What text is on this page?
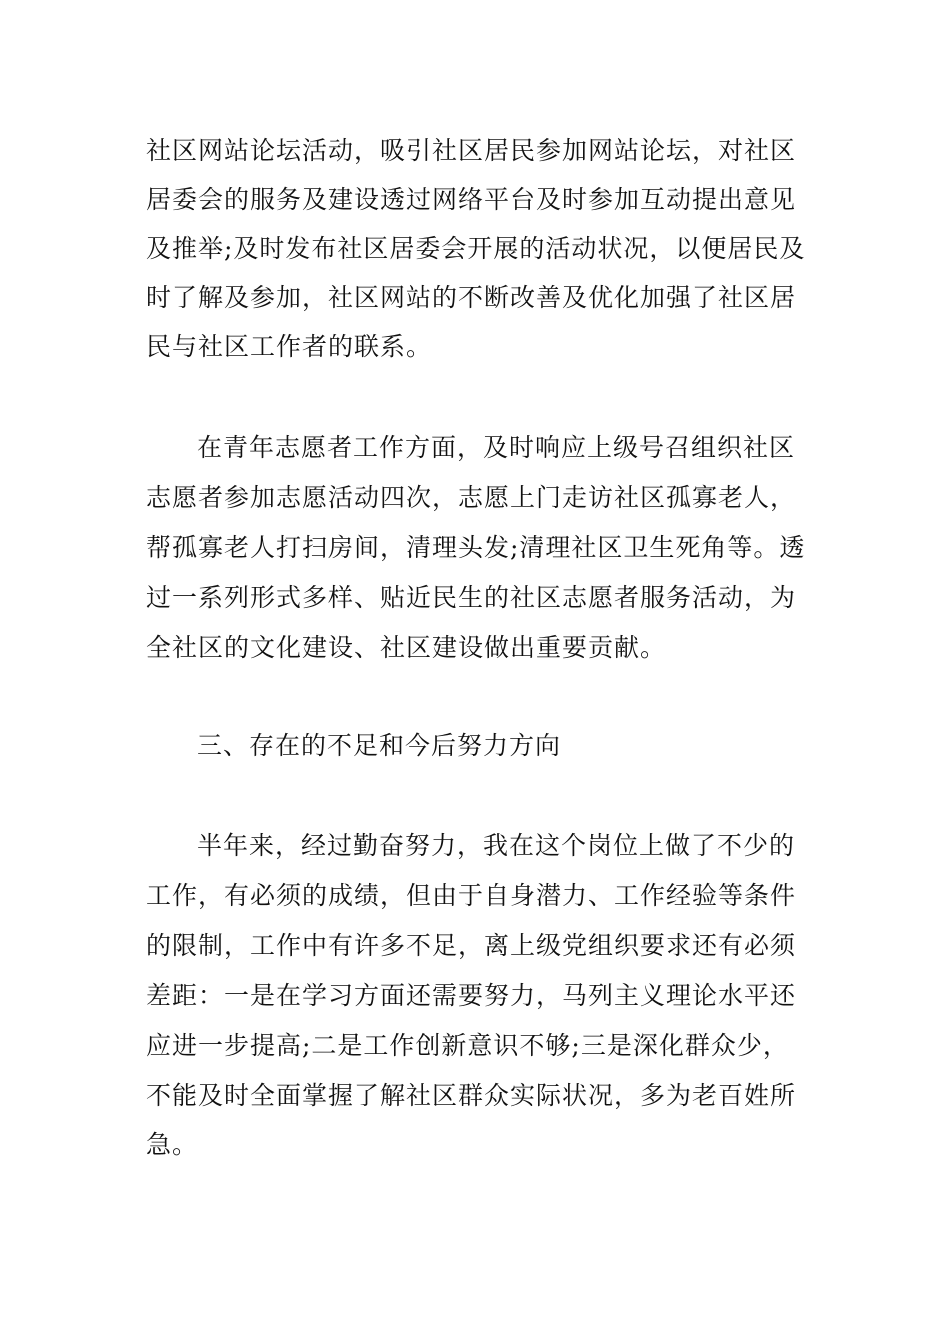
社区网站论坛活动，吸引社区居民参加网站论坛，对社区
居委会的服务及建设透过网络平台及时参加互动提出意见
及推举;及时发布社区居委会开展的活动状况，以便居民及
时了解及参加，社区网站的不断改善及优化加强了社区居
民与社区工作者的联系。
在青年志愿者工作方面，及时响应上级号召组织社区
志愿者参加志愿活动四次，志愿上门走访社区孤寡老人，
帮孤寡老人打扫房间，清理头发;清理社区卫生死角等。透
过一系列形式多样、贴近民生的社区志愿者服务活动，为
全社区的文化建设、社区建设做出重要贡献。
三、存在的不足和今后努力方向
半年来，经过勤奋努力，我在这个岗位上做了不少的
工作，有必须的成绩，但由于自身潜力、工作经验等条件
的限制，工作中有许多不足，离上级党组织要求还有必须
差距：一是在学习方面还需要努力，马列主义理论水平还
应进一步提高;二是工作创新意识不够;三是深化群众少，
不能及时全面掌握了解社区群众实际状况，多为老百姓所
急。
